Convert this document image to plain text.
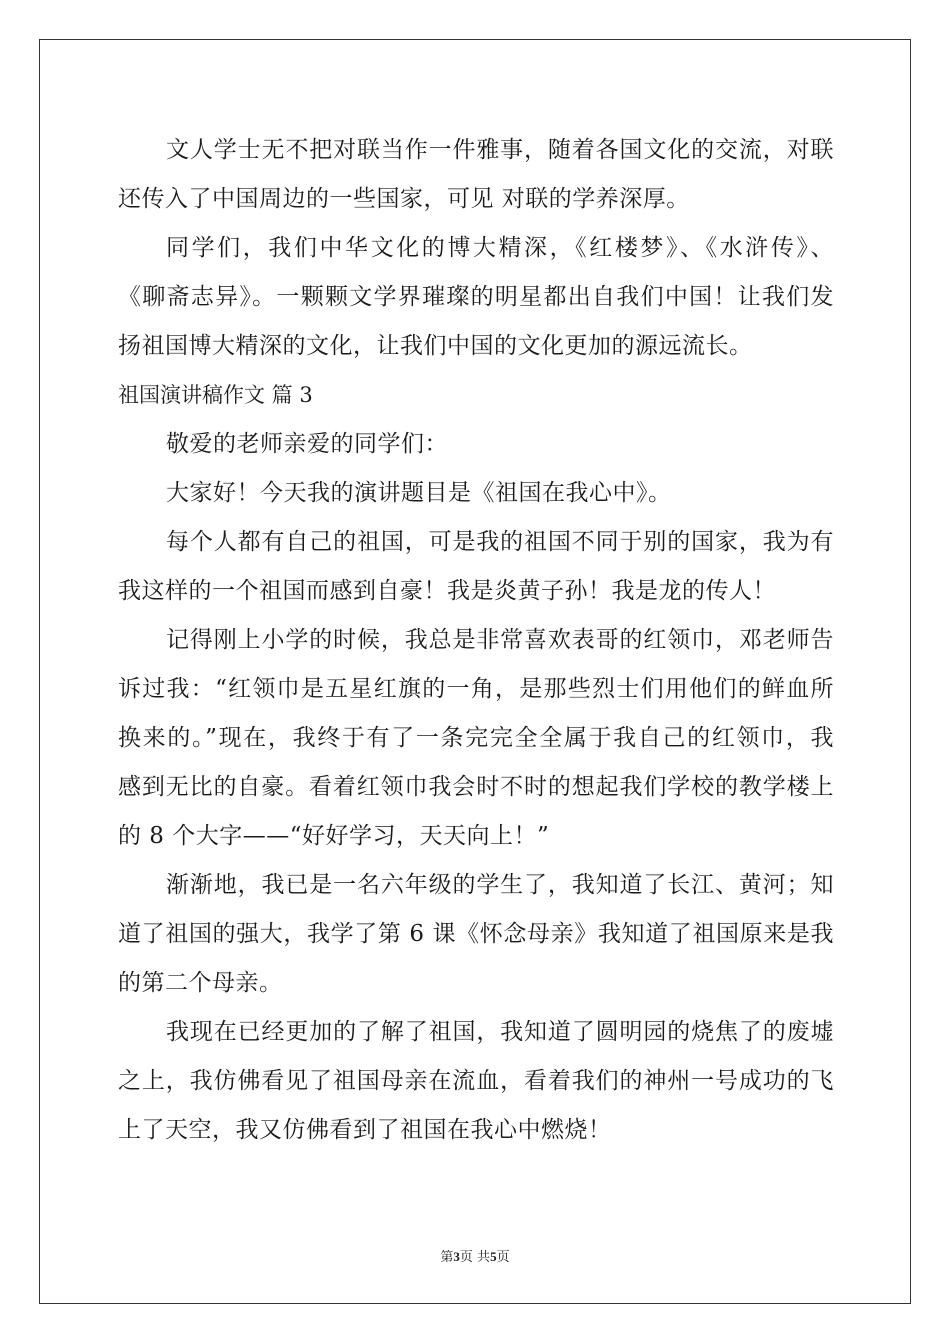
文人学士无不把对联当作一件雅事，随着各国文化的交流，对联
还传入了中国周边的一些国家，可见 对联的学养深厚。
同学们，我们中华文化的博大精深，《红楼梦》、《水浒传》、
《聊斋志异》。一颗颗文学界璀璨的明星都出自我们中国！让我们发
扬祖国博大精深的文化，让我们中国的文化更加的源远流长。
祖国演讲稿作文 篇 3
敬爱的老师亲爱的同学们：
大家好！今天我的演讲题目是《祖国在我心中》。
每个人都有自己的祖国，可是我的祖国不同于别的国家，我为有
我这样的一个祖国而感到自豪！我是炎黄子孙！我是龙的传人！
记得刚上小学的时候，我总是非常喜欢表哥的红领巾，邓老师告
诉过我：“红领巾是五星红旗的一角，是那些烈士们用他们的鲜血所
换来的。”现在，我终于有了一条完完全全属于我自己的红领巾，我
感到无比的自豪。看着红领巾我会时不时的想起我们学校的教学楼上
的 8 个大字——“好好学习，天天向上！”
渐渐地，我已是一名六年级的学生了，我知道了长江、黄河；知
道了祖国的强大，我学了第 6 课《怀念母亲》我知道了祖国原来是我
的第二个母亲。
我现在已经更加的了解了祖国，我知道了圆明园的烧焦了的废墟
之上，我仿佛看见了祖国母亲在流血，看着我们的神州一号成功的飞
上了天空，我又仿佛看到了祖国在我心中燃烧！
第3页 共5页
